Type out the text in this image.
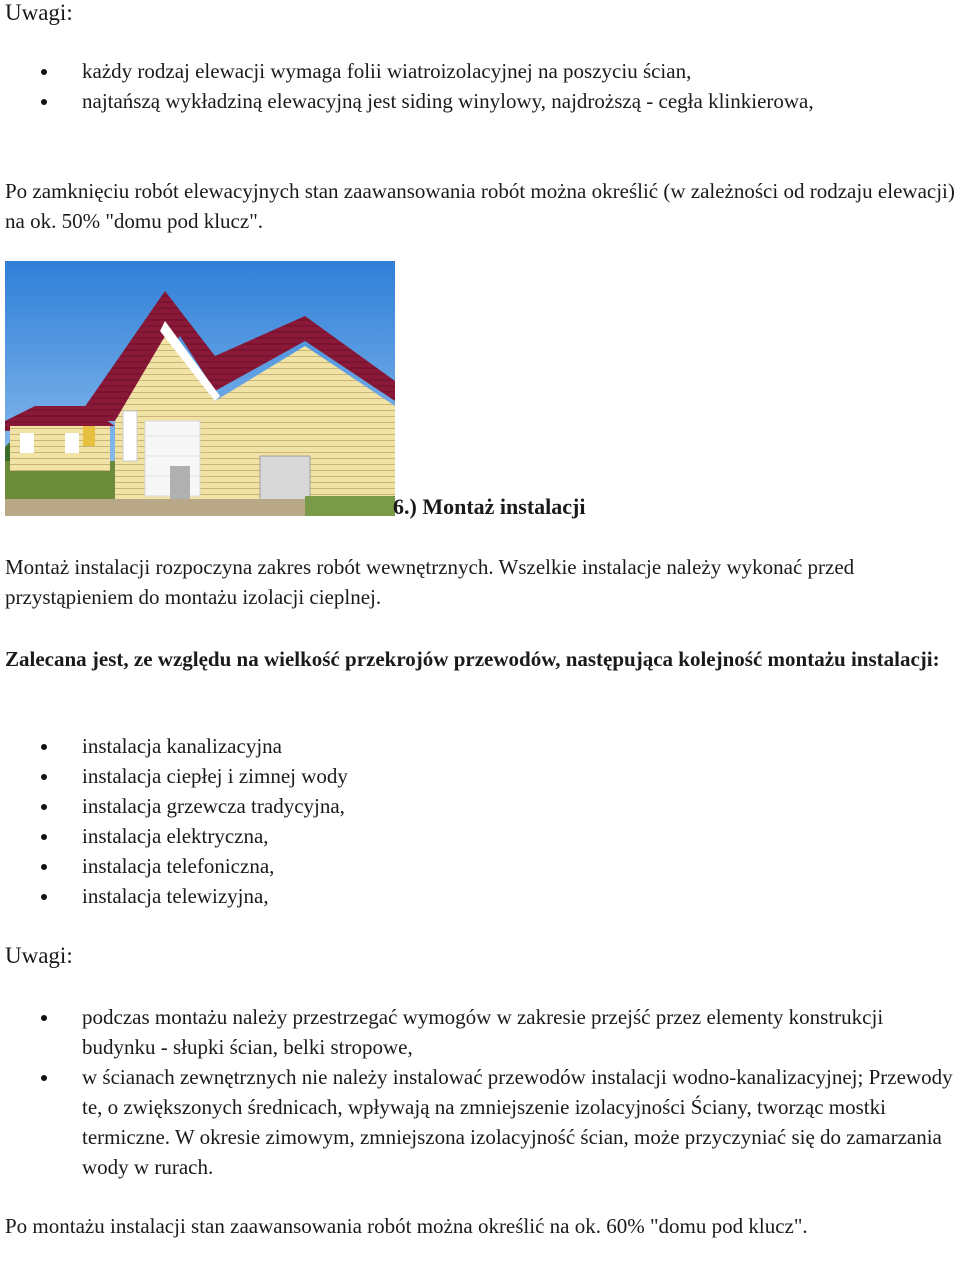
Uwagi:
każdy rodzaj elewacji wymaga folii wiatroizolacyjnej na poszyciu ścian,
najtańszą wykładziną elewacyjną jest siding winylowy, najdroższą - cegła klinkierowa,
Po zamknięciu robót elewacyjnych stan zaawansowania robót można określić (w zależności od rodzaju elewacji) na ok. 50% "domu pod klucz".
6.) Montaż instalacji
Montaż instalacji rozpoczyna zakres robót wewnętrznych. Wszelkie instalacje należy wykonać przed przystąpieniem do montażu izolacji cieplnej.
Zalecana jest, ze względu na wielkość przekrojów przewodów, następująca kolejność montażu instalacji:
instalacja kanalizacyjna
instalacja ciepłej i zimnej wody
instalacja grzewcza tradycyjna,
instalacja elektryczna,
instalacja telefoniczna,
instalacja telewizyjna,
Uwagi:
podczas montażu należy przestrzegać wymogów w zakresie przejść przez elementy konstrukcji budynku - słupki ścian, belki stropowe,
w ścianach zewnętrznych nie należy instalować przewodów instalacji wodno-kanalizacyjnej; Przewody te, o zwiększonych średnicach, wpływają na zmniejszenie izolacyjności Ściany, tworząc mostki termiczne. W okresie zimowym, zmniejszona izolacyjność ścian, może przyczyniać się do zamarzania wody w rurach.
Po montażu instalacji stan zaawansowania robót można określić na ok. 60% "domu pod klucz".
